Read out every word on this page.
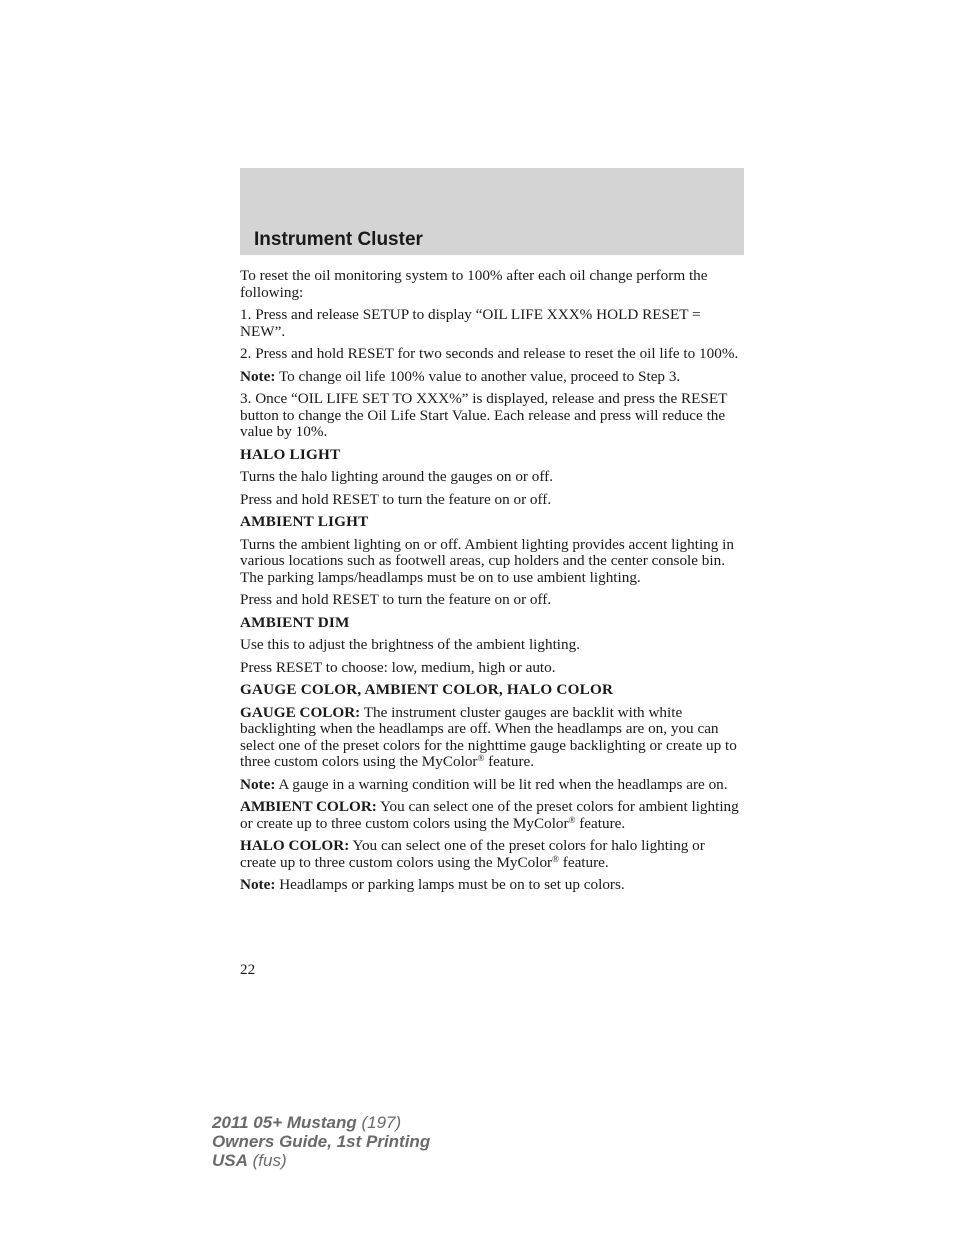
Instrument Cluster

To reset the oil monitoring system to 100% after each oil change perform the following:

1. Press and release SETUP to display “OIL LIFE XXX% HOLD RESET = NEW”.

2. Press and hold RESET for two seconds and release to reset the oil life to 100%.

Note: To change oil life 100% value to another value, proceed to Step 3.

3. Once “OIL LIFE SET TO XXX%” is displayed, release and press the RESET button to change the Oil Life Start Value. Each release and press will reduce the value by 10%.

HALO LIGHT

Turns the halo lighting around the gauges on or off.

Press and hold RESET to turn the feature on or off.

AMBIENT LIGHT

Turns the ambient lighting on or off. Ambient lighting provides accent lighting in various locations such as footwell areas, cup holders and the center console bin. The parking lamps/headlamps must be on to use ambient lighting.

Press and hold RESET to turn the feature on or off.

AMBIENT DIM

Use this to adjust the brightness of the ambient lighting.

Press RESET to choose: low, medium, high or auto.

GAUGE COLOR, AMBIENT COLOR, HALO COLOR

GAUGE COLOR: The instrument cluster gauges are backlit with white backlighting when the headlamps are off. When the headlamps are on, you can select one of the preset colors for the nighttime gauge backlighting or create up to three custom colors using the MyColor® feature.

Note: A gauge in a warning condition will be lit red when the headlamps are on.

AMBIENT COLOR: You can select one of the preset colors for ambient lighting or create up to three custom colors using the MyColor® feature.

HALO COLOR: You can select one of the preset colors for halo lighting or create up to three custom colors using the MyColor® feature.

Note: Headlamps or parking lamps must be on to set up colors.

22
2011 05+ Mustang (197)
Owners Guide, 1st Printing
USA (fus)
